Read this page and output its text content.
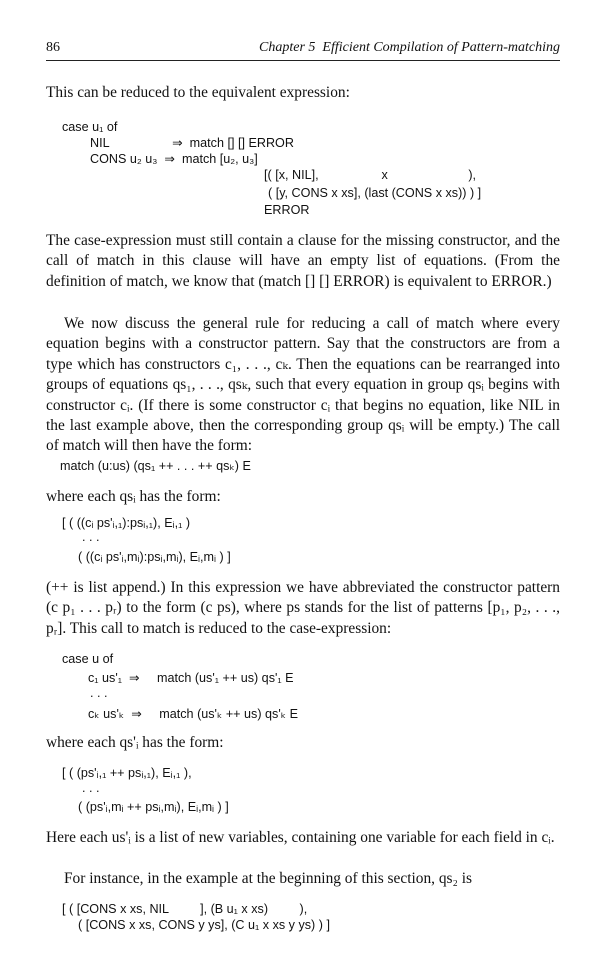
86	Chapter 5  Efficient Compilation of Pattern-matching
This can be reduced to the equivalent expression:
case u₁ of
NIL                  ⇒  match [] [] ERROR
CONS u₂ u₃  ⇒  match [u₂, u₃]
[( [x, NIL],                  x                       ),
( [y, CONS x xs], (last (CONS x xs)) ) ]
ERROR
The case-expression must still contain a clause for the missing constructor, and the call of match in this clause will have an empty list of equations. (From the definition of match, we know that (match [] [] ERROR) is equivalent to ERROR.)
We now discuss the general rule for reducing a call of match where every equation begins with a constructor pattern. Say that the constructors are from a type which has constructors c₁, . . ., cₖ. Then the equations can be rearranged into groups of equations qs₁, . . ., qsₖ, such that every equation in group qsᵢ begins with constructor cᵢ. (If there is some constructor cᵢ that begins no equation, like NIL in the last example above, then the corresponding group qsᵢ will be empty.) The call of match will then have the form:
match (u:us) (qs₁ ++ . . . ++ qsₖ) E
where each qsᵢ has the form:
[ ( ((cᵢ ps'ᵢ,₁):psᵢ,₁), Eᵢ,₁ )
. . .
( ((cᵢ ps'ᵢ,mᵢ):psᵢ,mᵢ), Eᵢ,mᵢ ) ]
(++ is list append.) In this expression we have abbreviated the constructor pattern (c p₁ . . . pᵣ) to the form (c ps), where ps stands for the list of patterns [p₁, p₂, . . ., pᵣ]. This call to match is reduced to the case-expression:
case u of
c₁ us'₁  ⇒     match (us'₁ ++ us) qs'₁ E
. . .
cₖ us'ₖ  ⇒     match (us'ₖ ++ us) qs'ₖ E
where each qs'ᵢ has the form:
[ ( (ps'ᵢ,₁ ++ psᵢ,₁), Eᵢ,₁ ),
. . .
( (ps'ᵢ,mᵢ ++ psᵢ,mᵢ), Eᵢ,mᵢ ) ]
Here each us'ᵢ is a list of new variables, containing one variable for each field in cᵢ.
For instance, in the example at the beginning of this section, qs₂ is
[ ( [CONS x xs, NIL         ], (B u₁ x xs)         ),
( [CONS x xs, CONS y ys], (C u₁ x xs y ys) ) ]
